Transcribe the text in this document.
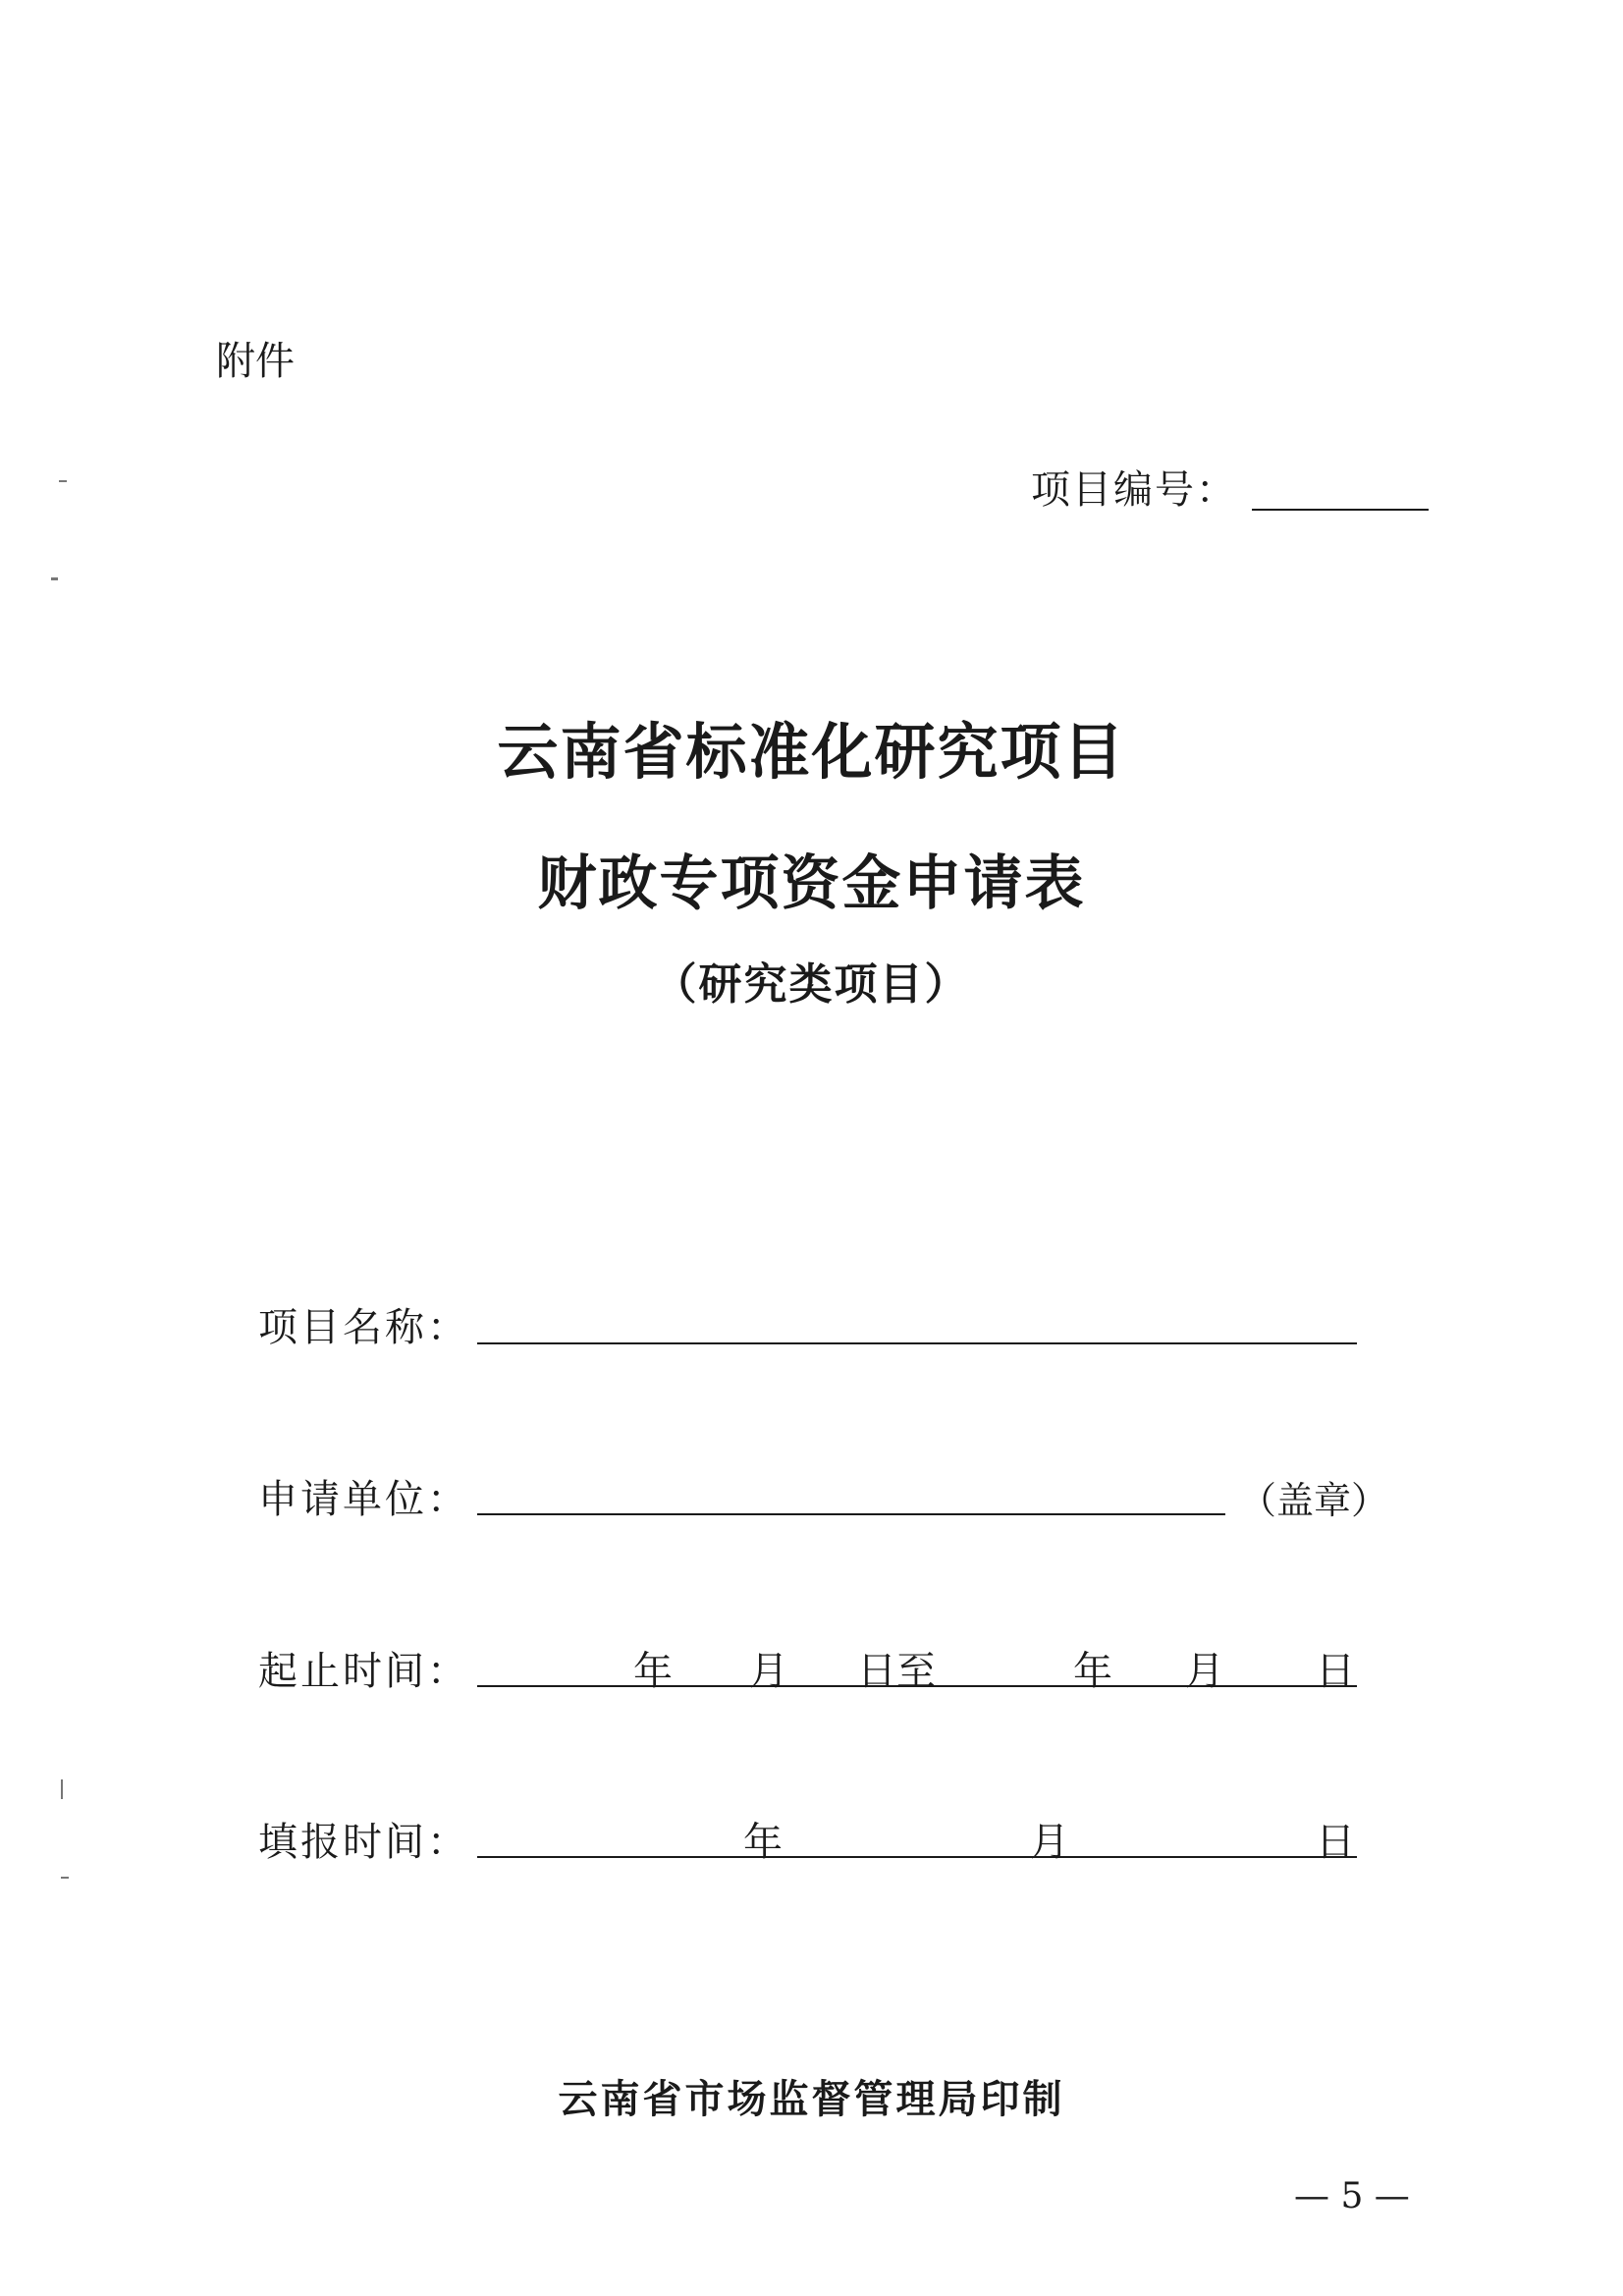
附件
项目编号：
云南省标准化研究项目
财政专项资金申请表
（研究类项目）
项目名称：
申请单位：	（盖章）
起止时间：	年 月 日至	年 月 日
填报时间：	年	月	日
云南省市场监督管理局印制
— 5 —
